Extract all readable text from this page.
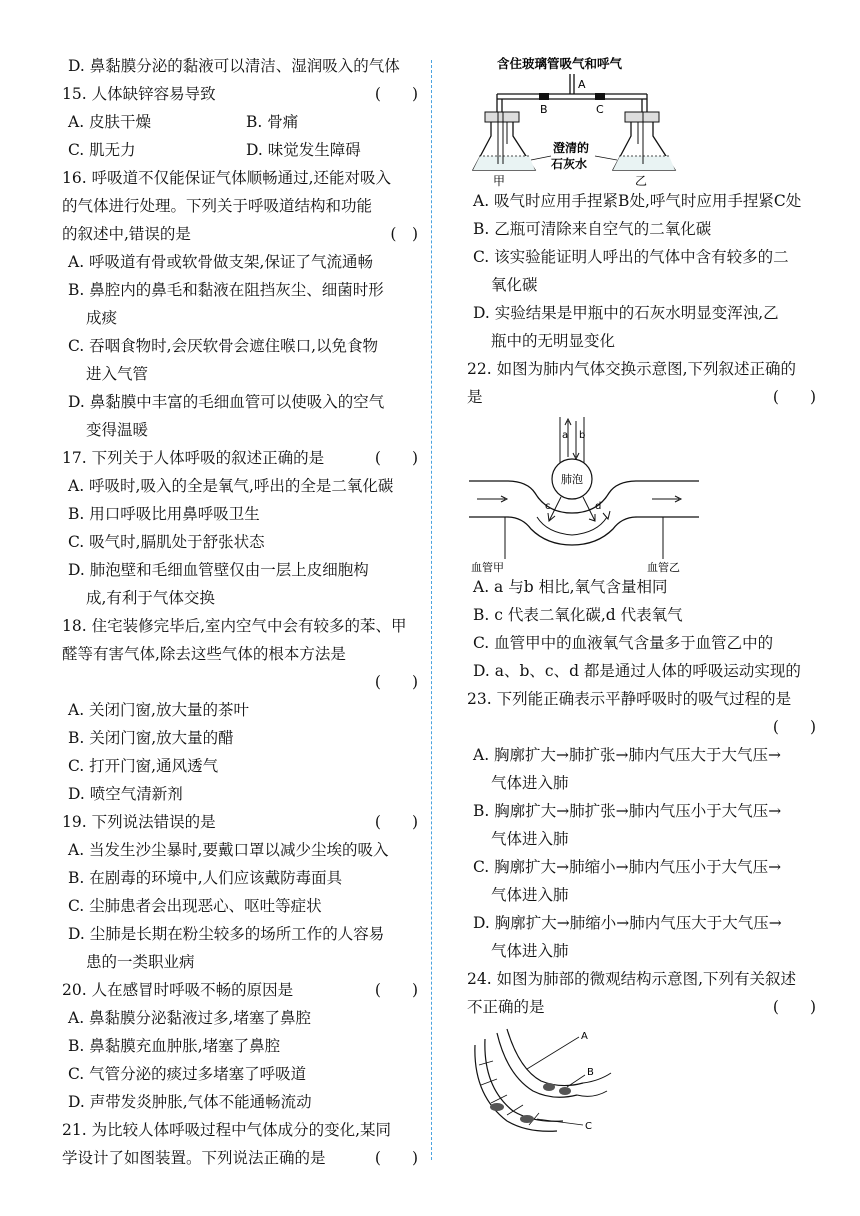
D. 鼻黏膜分泌的黏液可以清洁、湿润吸入的气体
15. 人体缺锌容易导致	(　　)
A. 皮肤干燥	B. 骨痛
C. 肌无力	D. 味觉发生障碍
16. 呼吸道不仅能保证气体顺畅通过,还能对吸入
的气体进行处理。下列关于呼吸道结构和功能
的叙述中,错误的是	(　)
A. 呼吸道有骨或软骨做支架,保证了气流通畅
B. 鼻腔内的鼻毛和黏液在阻挡灰尘、细菌时形
成痰
C. 吞咽食物时,会厌软骨会遮住喉口,以免食物
进入气管
D. 鼻黏膜中丰富的毛细血管可以使吸入的空气
变得温暖
17. 下列关于人体呼吸的叙述正确的是	(　　)
A. 呼吸时,吸入的全是氧气,呼出的全是二氧化碳
B. 用口呼吸比用鼻呼吸卫生
C. 吸气时,膈肌处于舒张状态
D. 肺泡壁和毛细血管壁仅由一层上皮细胞构
成,有利于气体交换
18. 住宅装修完毕后,室内空气中会有较多的苯、甲
醛等有害气体,除去这些气体的根本方法是
(　　)
A. 关闭门窗,放大量的茶叶
B. 关闭门窗,放大量的醋
C. 打开门窗,通风透气
D. 喷空气清新剂
19. 下列说法错误的是	(　　)
A. 当发生沙尘暴时,要戴口罩以减少尘埃的吸入
B. 在剧毒的环境中,人们应该戴防毒面具
C. 尘肺患者会出现恶心、呕吐等症状
D. 尘肺是长期在粉尘较多的场所工作的人容易
患的一类职业病
20. 人在感冒时呼吸不畅的原因是	(　　)
A. 鼻黏膜分泌黏液过多,堵塞了鼻腔
B. 鼻黏膜充血肿胀,堵塞了鼻腔
C. 气管分泌的痰过多堵塞了呼吸道
D. 声带发炎肿胀,气体不能通畅流动
21. 为比较人体呼吸过程中气体成分的变化,某同
学设计了如图装置。下列说法正确的是	(　　)
含住玻璃管吸气和呼气
A
B	C
甲	乙
澄清的
石灰水
A. 吸气时应用手捏紧B处,呼气时应用手捏紧C处
B. 乙瓶可清除来自空气的二氧化碳
C. 该实验能证明人呼出的气体中含有较多的二
氧化碳
D. 实验结果是甲瓶中的石灰水明显变浑浊,乙
瓶中的无明显变化
22. 如图为肺内气体交换示意图,下列叙述正确的
是	(　　)
a b
肺泡
c	d
血管甲	血管乙
A. a 与b 相比,氧气含量相同
B. c 代表二氧化碳,d 代表氧气
C. 血管甲中的血液氧气含量多于血管乙中的
D. a、b、c、d 都是通过人体的呼吸运动实现的
23. 下列能正确表示平静呼吸时的吸气过程的是
(　　)
A. 胸廓扩大→肺扩张→肺内气压大于大气压→
气体进入肺
B. 胸廓扩大→肺扩张→肺内气压小于大气压→
气体进入肺
C. 胸廓扩大→肺缩小→肺内气压小于大气压→
气体进入肺
D. 胸廓扩大→肺缩小→肺内气压大于大气压→
气体进入肺
24. 如图为肺部的微观结构示意图,下列有关叙述
不正确的是	(　　)
A
B
C
